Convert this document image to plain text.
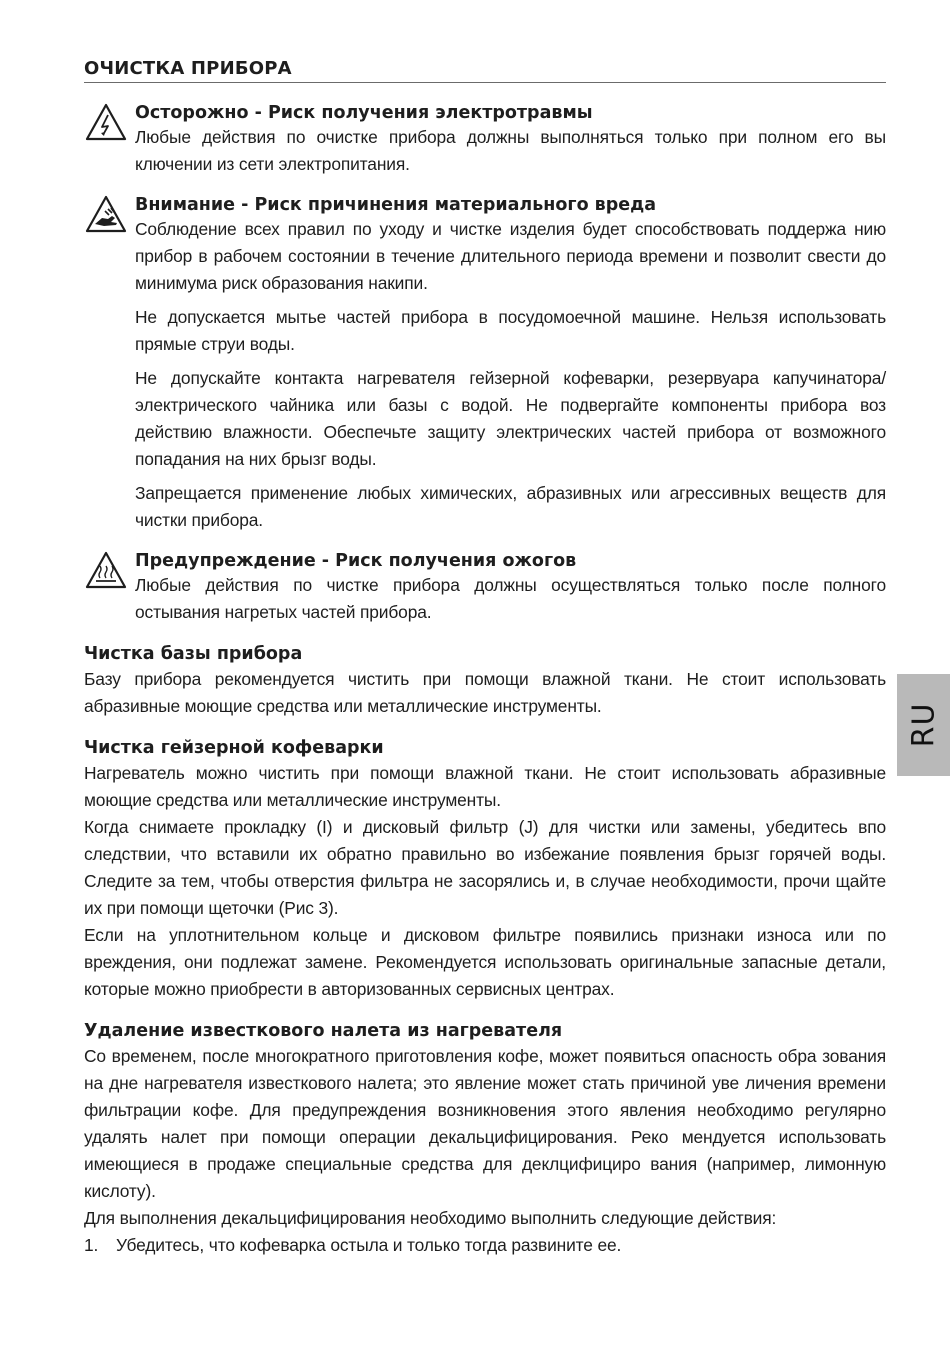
ОЧИСТКА ПРИБОРА
Осторожно - Риск получения электротравмы

Любые действия по очистке прибора должны выполняться только при полном его вы ключении из сети электропитания.

Внимание - Риск причинения материального вреда

Соблюдение всех правил по уходу и чистке изделия будет способствовать поддержа нию прибор в рабочем состоянии в течение длительного периода времени и позволит свести до минимума риск образования накипи.

Не допускается мытье частей прибора в посудомоечной машине. Нельзя использовать прямые струи воды.

Не допускайте контакта нагревателя гейзерной кофеварки, резервуара капучинатора/ электрического чайника или базы с водой. Не подвергайте компоненты прибора воз действию влажности. Обеспечьте защиту электрических частей прибора от возможного попадания на них брызг воды.

Запрещается применение любых химических, абразивных или агрессивных веществ для чистки прибора.

Предупреждение - Риск получения ожогов

Любые действия по чистке прибора должны осуществляться только после полного остывания нагретых частей прибора.

Чистка базы прибора

Базу прибора рекомендуется чистить при помощи влажной ткани. Не стоит использовать абразивные моющие средства или металлические инструменты.

Чистка гейзерной кофеварки

Нагреватель можно чистить при помощи влажной ткани. Не стоит использовать абразивные моющие средства или металлические инструменты.

Когда снимаете прокладку (I) и дисковый фильтр (J) для чистки или замены, убедитесь впо следствии, что вставили их обратно правильно во избежание появления брызг горячей воды. Следите за тем, чтобы отверстия фильтра не засорялись и, в случае необходимости, прочи щайте их при помощи щеточки (Рис 3).

Если на уплотнительном кольце и дисковом фильтре появились признаки износа или по вреждения, они подлежат замене. Рекомендуется использовать оригинальные запасные детали, которые можно приобрести в авторизованных сервисных центрах.

Удаление известкового налета из нагревателя

Со временем, после многократного приготовления кофе, может появиться опасность обра зования на дне нагревателя известкового налета; это явление может стать причиной уве личения времени фильтрации кофе. Для предупреждения возникновения этого явления необходимо регулярно удалять налет при помощи операции декальцифицирования. Реко мендуется использовать имеющиеся в продаже специальные средства для деклцифициро вания (например, лимонную кислоту).

Для выполнения декальцифицирования необходимо выполнить следующие действия:

1. Убедитесь, что кофеварка остыла и только тогда развините ее.
RU
